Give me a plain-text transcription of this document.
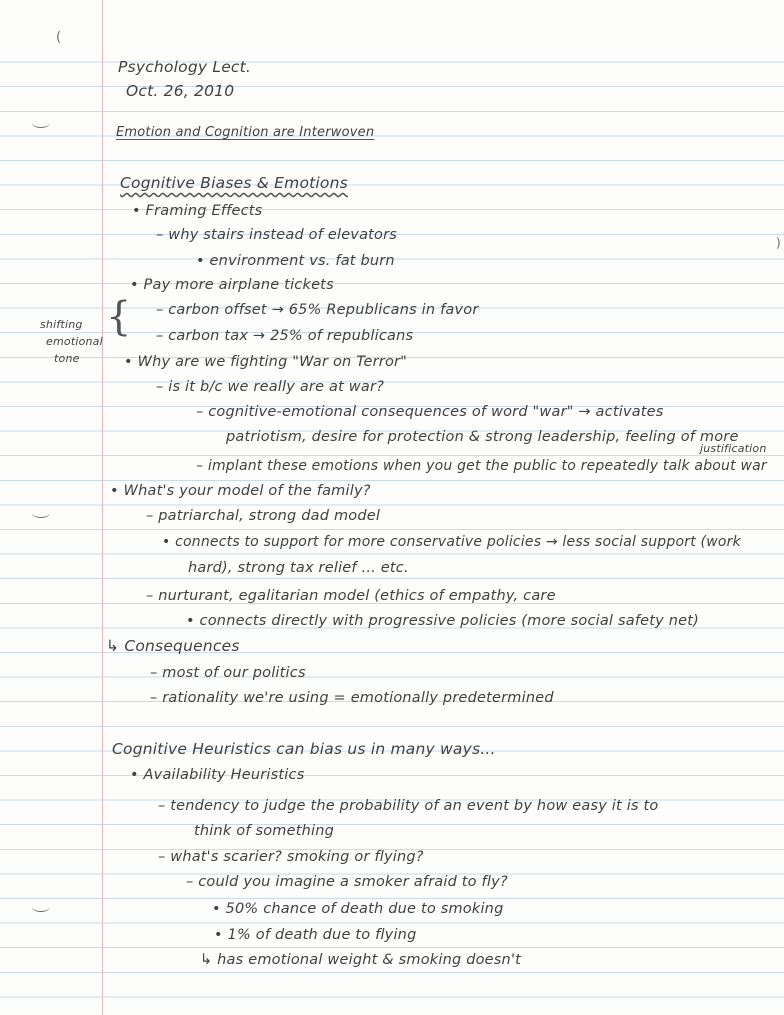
(
)
{
Psychology Lect.
Oct. 26, 2010
Emotion and Cognition are Interwoven
Cognitive Biases & Emotions
• Framing Effects
– why stairs instead of elevators
• environment vs. fat burn
• Pay more airplane tickets
– carbon offset → 65% Republicans in favor
– carbon tax → 25% of republicans
• Why are we fighting "War on Terror"
– is it b/c we really are at war?
– cognitive-emotional consequences of word "war" → activates
patriotism, desire for protection & strong leadership, feeling of more
justification
– implant these emotions when you get the public to repeatedly talk about war
• What's your model of the family?
– patriarchal, strong dad model
• connects to support for more conservative policies → less social support (work
hard), strong tax relief ... etc.
– nurturant, egalitarian model (ethics of empathy, care
• connects directly with progressive policies (more social safety net)
↳ Consequences
– most of our politics
– rationality we're using = emotionally predetermined
Cognitive Heuristics can bias us in many ways...
• Availability Heuristics
– tendency to judge the probability of an event by how easy it is to
think of something
– what's scarier? smoking or flying?
– could you imagine a smoker afraid to fly?
• 50% chance of death due to smoking
• 1% of death due to flying
↳ has emotional weight & smoking doesn't
shifting
emotional
tone
